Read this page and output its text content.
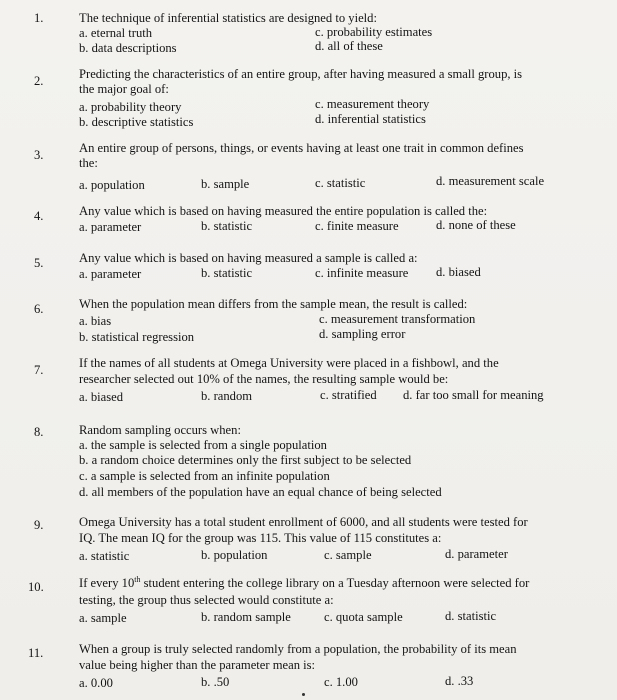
1.	The technique of inferential statistics are designed to yield:
a. eternal truth	c. probability estimates
b. data descriptions	d. all of these
2.	Predicting the characteristics of an entire group, after having measured a small group, is
the major goal of:
a. probability theory	c. measurement theory
b. descriptive statistics	d. inferential statistics
3.	An entire group of persons, things, or events having at least one trait in common defines
the:
a. population	b. sample	c. statistic	d. measurement scale
4.	Any value which is based on having measured the entire population is called the:
a. parameter	b. statistic	c. finite measure	d. none of these
5.	Any value which is based on having measured a sample is called a:
a. parameter	b. statistic	c. infinite measure d. biased
6.	When the population mean differs from the sample mean, the result is called:
a. bias	c. measurement transformation
b. statistical regression	d. sampling error
7.	If the names of all students at Omega University were placed in a fishbowl, and the
researcher selected out 10% of the names, the resulting sample would be:
a. biased	b. random	c. stratified d. far too small for meaning
8.	Random sampling occurs when:
a. the sample is selected from a single population
b. a random choice determines only the first subject to be selected
c. a sample is selected from an infinite population
d. all members of the population have an equal chance of being selected
9.	Omega University has a total student enrollment of 6000, and all students were tested for
IQ. The mean IQ for the group was 115. This value of 115 constitutes a:
a. statistic	b. population	c. sample	d. parameter
10.	If every 10th student entering the college library on a Tuesday afternoon were selected for
testing, the group thus selected would constitute a:
a. sample	b. random sample	c. quota sample	d. statistic
11.	When a group is truly selected randomly from a population, the probability of its mean
value being higher than the parameter mean is:
a. 0.00	b. .50	c. 1.00	d. .33
